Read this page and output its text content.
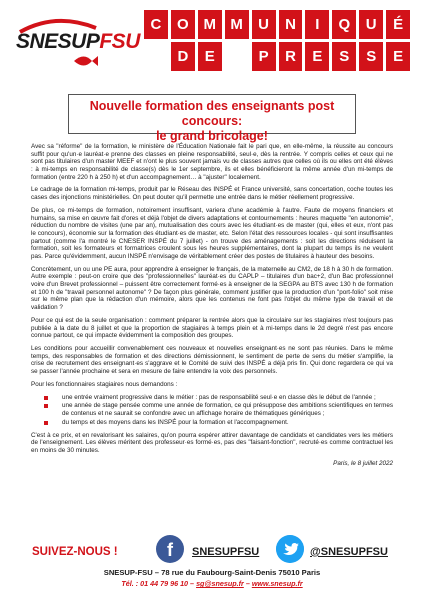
SNESUPFSU
C	O M M	U	N	I	Q	U	É
D	E	P	R	E	S	S	E
Nouvelle formation des enseignants post concours:
le grand bricolage!

Avec sa "réforme" de la formation, le ministère de l'Éducation Nationale fait le pari que, en elle-même, la réussite au concours suffit pour qu'un·e lauréat·e prenne des classes en pleine responsabilité, seul·e, dès la rentrée. Y compris celles et ceux qui ne sont pas titulaires d'un master MEEF et n'ont le plus souvent jamais vu de classes autres que celles où ils ou elles ont été élèves : à mi-temps en responsabilité de classe(s) dès le 1er septembre, ils et elles bénéficieront la même année d'un mi-temps de formation (entre 220 h à 250 h) et d'un accompagnement… à "ajuster" localement.

Le cadrage de la formation mi-temps, produit par le Réseau des INSPÉ et France université, sans concertation, coche toutes les cases des injonctions ministérielles. On peut douter qu'il permette une entrée dans le métier réellement progressive.

De plus, ce mi-temps de formation, notoirement insuffisant, variera d'une académie à l'autre. Faute de moyens financiers et humains, sa mise en œuvre fait d'ores et déjà l'objet de divers adaptations et contournements : heures maquette "en autonomie", réduction du nombre de visites (une par an), mutualisation des cours avec les étudiant·es de master (qui, elles et eux, n'ont pas le concours), économie sur la formation des étudiant·es de master, etc. Selon l'état des ressources locales - qui sont insuffisantes partout (comme l'a montré le CNESER INSPÉ du 7 juillet) - on trouve des aménagements : soit les directions réduisent la formation, soit les formateurs et formatrices croulent sous les heures supplémentaires, dont la plupart du temps ils ne veulent pas. Parce qu'évidemment, aucun INSPÉ n'envisage de véritablement créer des postes de titulaires à hauteur des besoins.

Concrètement, un ou une PE aura, pour apprendre à enseigner le français, de la maternelle au CM2, de 18 h à 30 h de formation. Autre exemple : peut-on croire que des "professionnelles" lauréat·es du CAPLP – titulaires d'un bac+2, d'un Bac professionnel voire d'un Brevet professionnel – puissent être correctement formé·es à enseigner de la SEGPA au BTS avec 130 h de formation et 100 h de "travail personnel autonome" ? De façon plus générale, comment justifier que la production d'un "port-folio" soit mise sur le même plan que la rédaction d'un mémoire, alors que les contenus ne font pas l'objet du même type de travail et de validation ?

Pour ce qui est de la seule organisation : comment préparer la rentrée alors que la circulaire sur les stagiaires n'est toujours pas publiée à la date du 8 juillet et que la proportion de stagiaires à temps plein et à mi-temps dans le 2d degré n'est pas encore connue partout, ce qui impacte évidemment la composition des groupes.

Les conditions pour accueillir convenablement ces nouveaux et nouvelles enseignant·es ne sont pas réunies. Dans le même temps, des responsables de formation et des directions démissionnent, le sentiment de perte de sens du métier s'amplifie, la crise de recrutement des enseignant·es s'aggrave et le Comité de suivi des INSPÉ a déjà pris fin. Qui donc regardera ce qui va se passer l'année prochaine et sera en mesure de faire entendre la voix des personnels.

Pour les fonctionnaires stagiaires nous demandons :

une entrée vraiment progressive dans le métier : pas de responsabilité seul·e en classe dès le début de l'année ;
une année de stage pensée comme une année de formation, ce qui présuppose des ambitions scientifiques en termes de contenus et ne saurait se confondre avec un affichage horaire de thématiques génériques ;
du temps et des moyens dans les INSPÉ pour la formation et l'accompagnement.

C'est à ce prix, et en revalorisant les salaires, qu'on pourra espérer attirer davantage de candidats et candidates vers les métiers de l'enseignement. Les élèves méritent des professeur·es formé·es, pas des "faisant-fonction", recruté·es comme contractuel les en moins de 30 minutes.

Paris, le 8 juillet 2022
SUIVEZ-NOUS !	f	SNESUPFSU	@SNESUPFSU
SNESUP-FSU – 78 rue du Faubourg-Saint-Denis 75010 Paris
Tél. : 01 44 79 96 10 – sg@snesup.fr – www.snesup.fr
